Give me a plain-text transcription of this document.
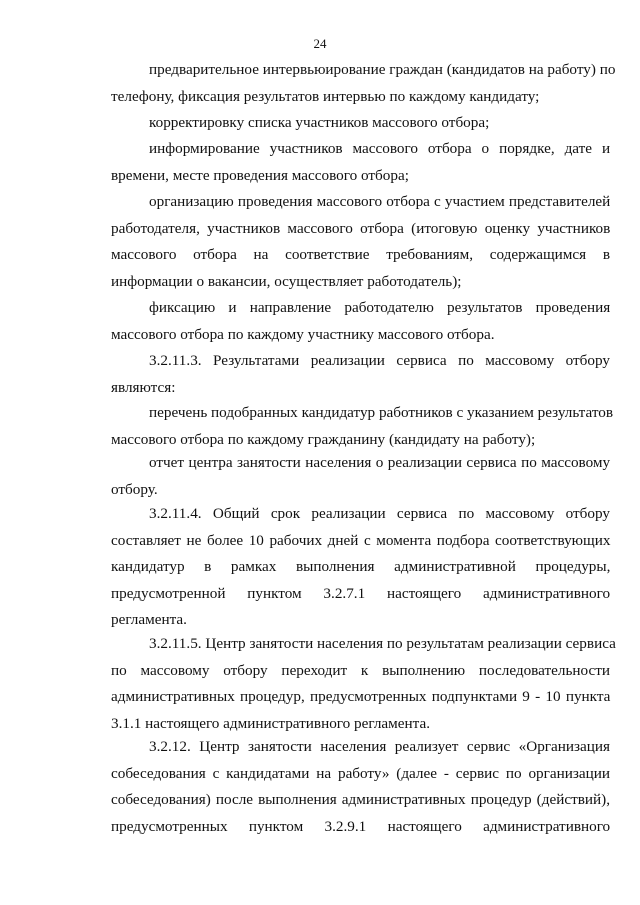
24
предварительное интервьюирование граждан (кандидатов на работу) по
телефону, фиксация результатов интервью по каждому кандидату;
корректировку списка участников массового отбора;
информирование участников массового отбора о порядке, дате и
времени, месте проведения массового отбора;
организацию проведения массового отбора с участием представителей
работодателя, участников массового отбора (итоговую оценку участников
массового отбора на соответствие требованиям, содержащимся в
информации о вакансии, осуществляет работодатель);
фиксацию и направление работодателю результатов проведения
массового отбора по каждому участнику массового отбора.
3.2.11.3. Результатами реализации сервиса по массовому отбору
являются:
перечень подобранных кандидатур работников с указанием результатов
массового отбора по каждому гражданину (кандидату на работу);
отчет центра занятости населения о реализации сервиса по массовому
отбору.
3.2.11.4. Общий срок реализации сервиса по массовому отбору
составляет не более 10 рабочих дней с момента подбора соответствующих
кандидатур в рамках выполнения административной процедуры,
предусмотренной пунктом 3.2.7.1 настоящего административного
регламента.
3.2.11.5. Центр занятости населения по результатам реализации сервиса
по массовому отбору переходит к выполнению последовательности
административных процедур, предусмотренных подпунктами 9 - 10 пункта
3.1.1 настоящего административного регламента.
3.2.12. Центр занятости населения реализует сервис «Организация
собеседования с кандидатами на работу» (далее - сервис по организации
собеседования) после выполнения административных процедур (действий),
предусмотренных пунктом 3.2.9.1 настоящего административного
